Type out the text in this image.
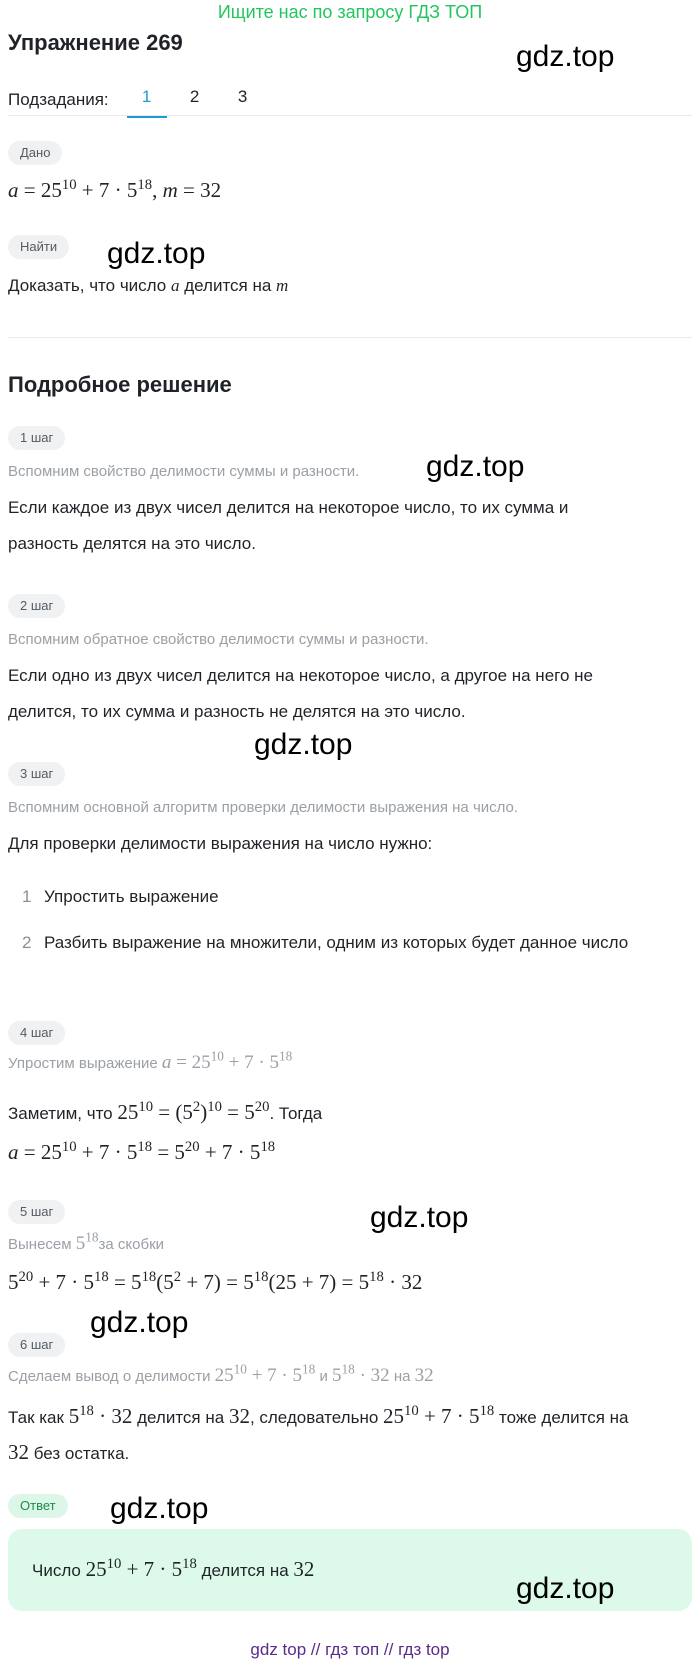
Ищите нас по запросу ГДЗ ТОП
Упражнение 269	gdz.top
Подзадания:	1	2	3
Дано
$a = 25^{10} + 7 \cdot 5^{18}$, m = 32
Найти	gdz.top
Доказать, что число a делится на m
Подробное решение
1 шаг
Вспомним свойство делимости суммы и разности. gdz.top
Если каждое из двух чисел делится на некоторое число, то их сумма и
разность делятся на это число.
2 шаг
Вспомним обратное свойство делимости суммы и разности.
Если одно из двух чисел делится на некоторое число, а другое на него не
делится, то их сумма и разность не делятся на это число.
gdz.top
3 шаг
Вспомним основной алгоритм проверки делимости выражения на число.
Для проверки делимости выражения на число нужно:
1 Упростить выражение
2 Разбить выражение на множители, одним из которых будет данное число
4 шаг
Упростим выражение $a = 25^{10} + 7 \cdot 5^{18}$
Заметим, что $25^{10} = (5^2)^{10} = 5^{20}$. Тогда
$a = 25^{10} + 7 \cdot 5^{18} = 5^{20} + 7 \cdot 5^{18}$
5 шаг	gdz.top
Вынесем $5^{18}за$ скобки
$5^{20} + 7 \cdot 5^{18} = 5^{18}(5^2 + 7) = 5^{18}(25 + 7) = 5^{18} \cdot 32$
6 шаг
gdz.top
Сделаем вывод о делимости $25^{10} + 7 \cdot 5^{18}$ и $5^{18} \cdot 32$ на 32
Так как $5^{18} \cdot 32$ делится на 32, следовательно $25^{10} + 7 \cdot 5^{18}$ тоже делится на
32 без остатка.
Ответ	gdz.top
Число $25^{10} + 7 \cdot 5^{18}$ делится на 32
gdz.top
gdz top // гдз топ // гдз top
